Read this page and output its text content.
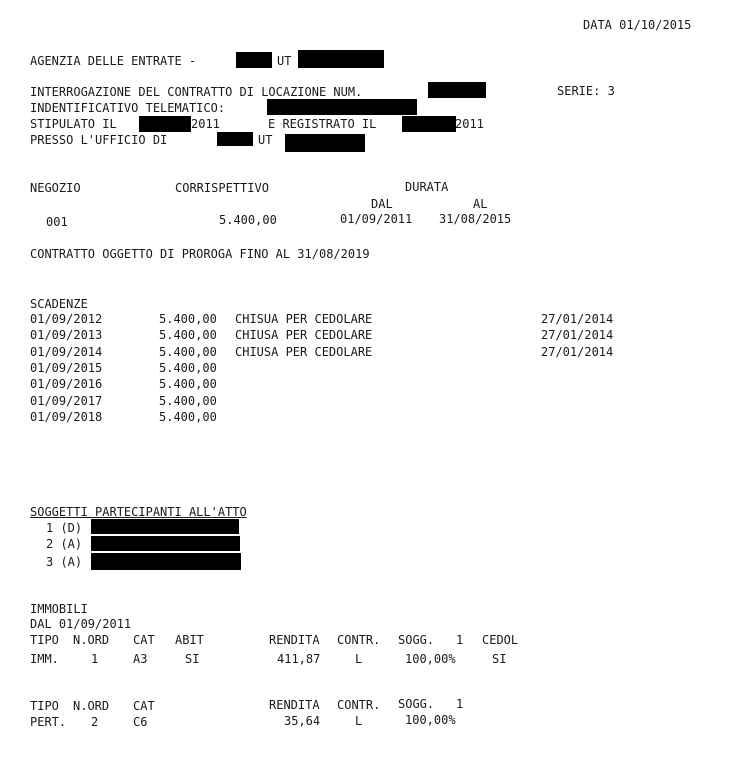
DATA 01/10/2015
AGENZIA DELLE ENTRATE -	UT
INTERROGAZIONE DEL CONTRATTO DI LOCAZIONE NUM.	SERIE: 3
INDENTIFICATIVO TELEMATICO:
STIPULATO IL	2011	E REGISTRATO IL	2011
PRESSO L'UFFICIO DI	UT
NEGOZIO	CORRISPETTIVO	DURATA
DAL	AL
001	5.400,00	01/09/2011 31/08/2015
CONTRATTO OGGETTO DI PROROGA FINO AL 31/08/2019
SCADENZE
01/09/2012	5.400,00 CHISUA PER CEDOLARE	27/01/2014
01/09/2013	5.400,00 CHIUSA PER CEDOLARE	27/01/2014
01/09/2014	5.400,00 CHIUSA PER CEDOLARE	27/01/2014
01/09/2015	5.400,00
01/09/2016	5.400,00
01/09/2017	5.400,00
01/09/2018	5.400,00
SOGGETTI PARTECIPANTI ALL'ATTO
1 (D)
2 (A)
3 (A)
IMMOBILI
DAL 01/09/2011
TIPO N.ORD CAT ABIT	RENDITA CONTR. SOGG. 1 CEDOL
IMM.	1	A3	SI	411,87	L	100,00%	SI
TIPO N.ORD CAT	RENDITA CONTR. SOGG. 1
PERT. 2	C6	35,64	L	100,00%
